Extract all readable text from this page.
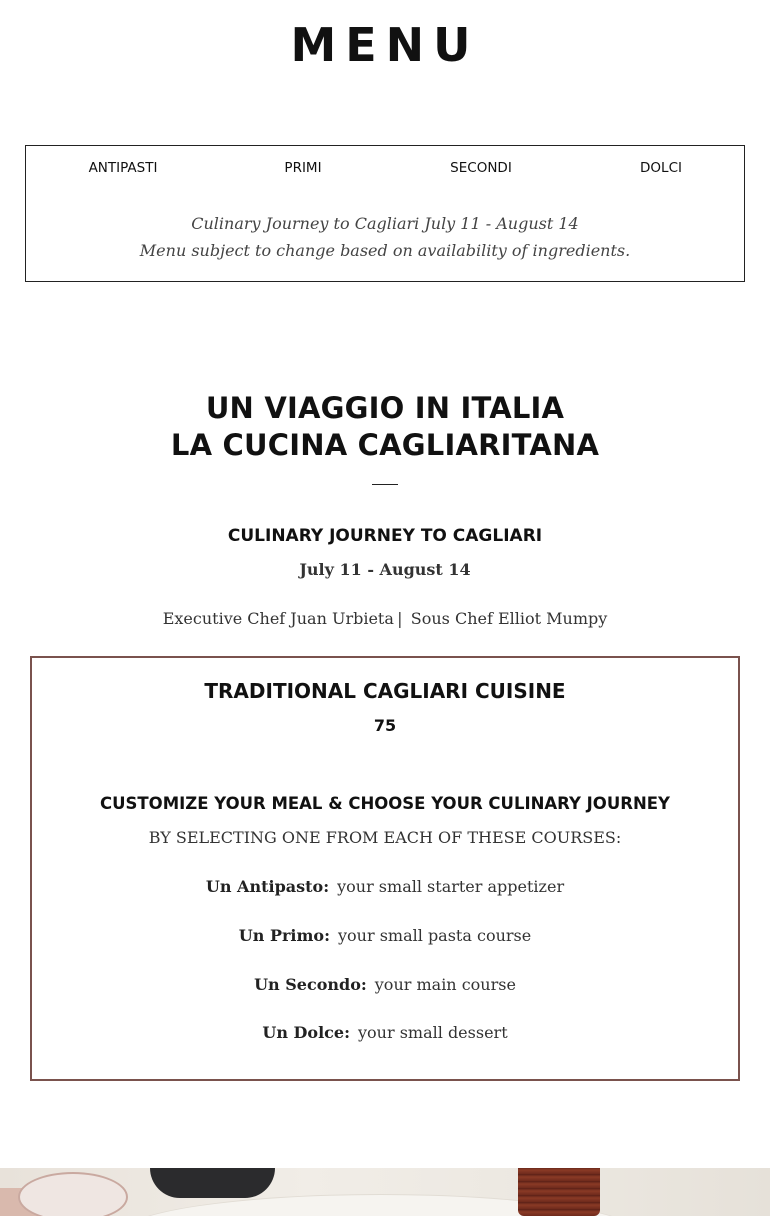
MENU
ANTIPASTI	PRIMI	SECONDI	DOLCI
Culinary Journey to Cagliari July 11 - August 14
Menu subject to change based on availability of ingredients.
UN VIAGGIO IN ITALIA
LA CUCINA CAGLIARITANA
CULINARY JOURNEY TO CAGLIARI
July 11 - August 14
Executive Chef Juan Urbieta |  Sous Chef Elliot Mumpy
TRADITIONAL CAGLIARI CUISINE
75
CUSTOMIZE YOUR MEAL & CHOOSE YOUR CULINARY JOURNEY
BY SELECTING ONE FROM EACH OF THESE COURSES:
Un Antipasto: your small starter appetizer
Un Primo: your small pasta course
Un Secondo: your main course
Un Dolce: your small dessert
